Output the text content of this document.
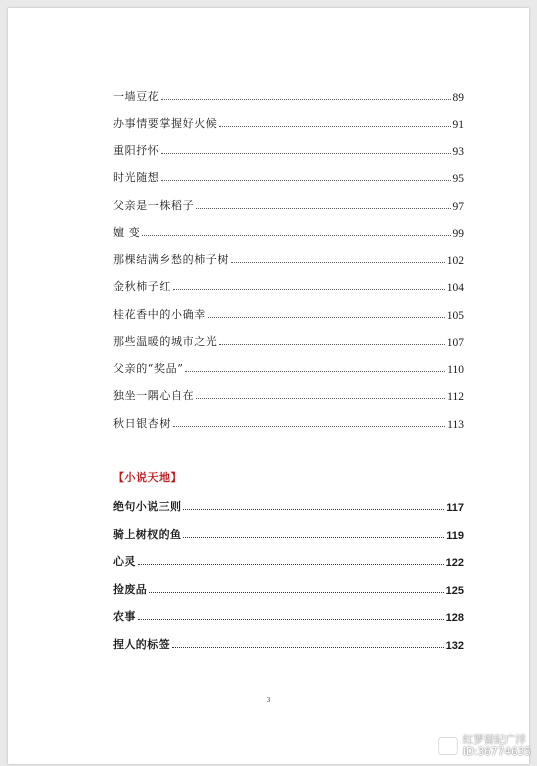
一墙豆花	89
办事情要掌握好火候	91
重阳抒怀	93
时光随想	95
父亲是一株稻子	97
嬗 变	99
那棵结满乡愁的柿子树	102
金秋柿子红	104
桂花香中的小确幸	105
那些温暖的城市之光	107
父亲的“奖品”	110
独坐一隅心自在	112
秋日银杏树	113
绝句小说三则	117
骑上树杈的鱼	119
心灵	122
捡废品	125
农事	128
捏人的标签	132
【小说天地】
3
红罗留纪广洋
ID:36774635
